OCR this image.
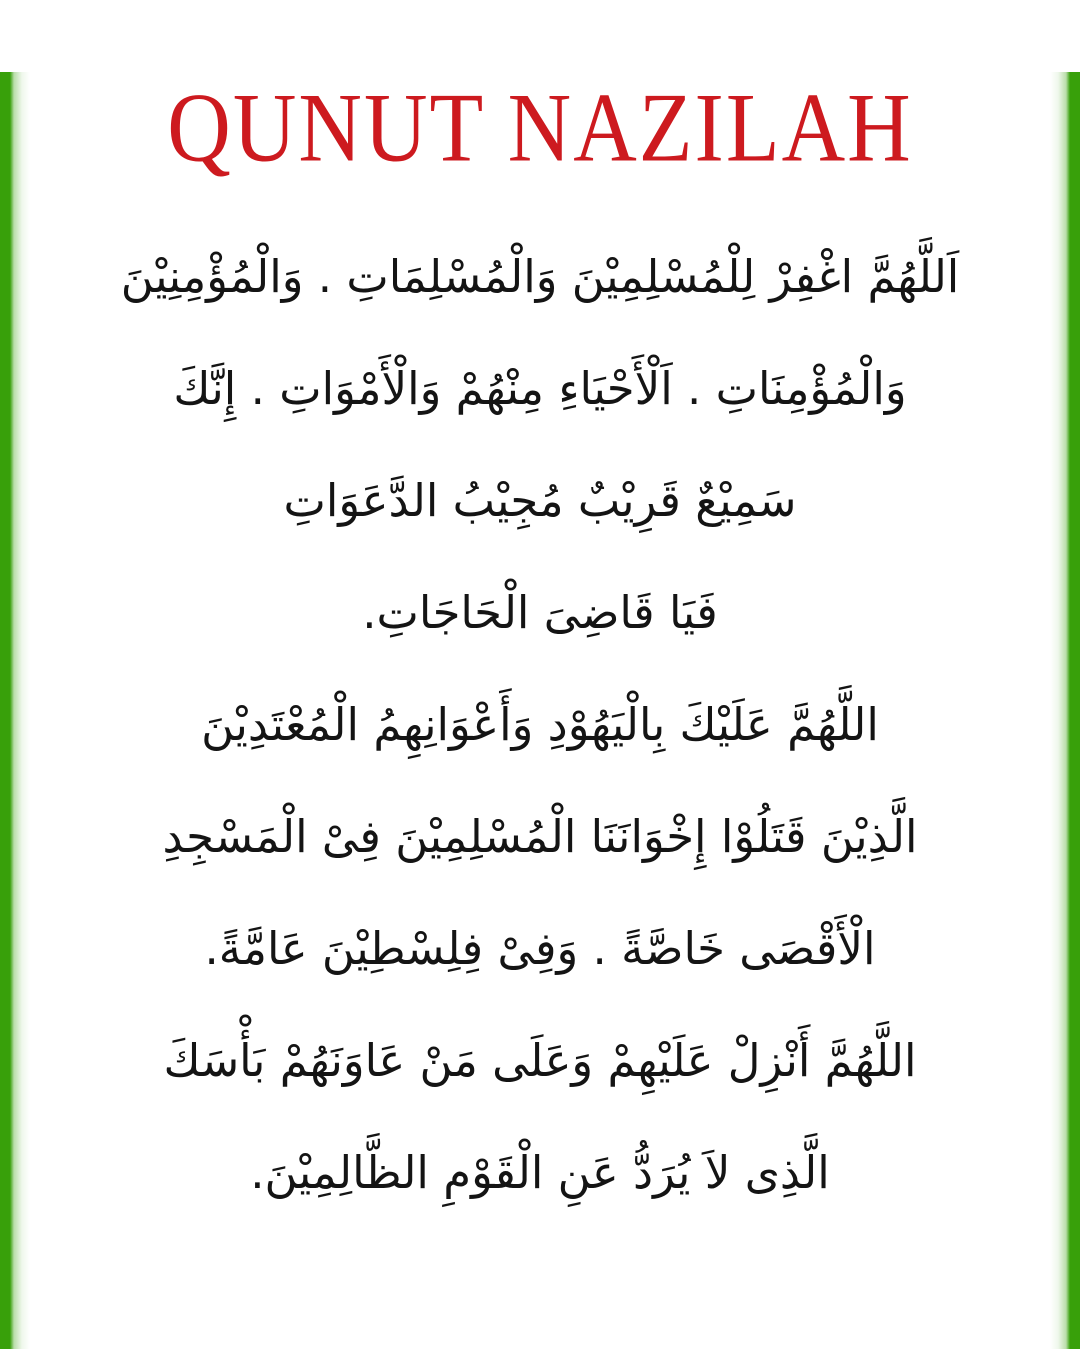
QUNUT NAZILAH
اَللَّهُمَّ اغْفِرْ لِلْمُسْلِمِيْنَ وَالْمُسْلِمَاتِ . وَالْمُؤْمِنِيْنَ
وَالْمُؤْمِنَاتِ . اَلْأَحْيَاءِ مِنْهُمْ وَالْأَمْوَاتِ . إِنَّكَ
سَمِيْعٌ قَرِيْبٌ مُجِيْبُ الدَّعَوَاتِ
فَيَا قَاضِىَ الْحَاجَاتِ.
اللَّهُمَّ عَلَيْكَ بِالْيَهُوْدِ وَأَعْوَانِهِمُ الْمُعْتَدِيْنَ
الَّذِيْنَ قَتَلُوْا إِخْوَانَنَا الْمُسْلِمِيْنَ فِىْ الْمَسْجِدِ
الْأَقْصَى خَاصَّةً . وَفِىْ فِلِسْطِيْنَ عَامَّةً.
اللَّهُمَّ أَنْزِلْ عَلَيْهِمْ وَعَلَى مَنْ عَاوَنَهُمْ بَأْسَكَ
الَّذِى لاَ يُرَدُّ عَنِ الْقَوْمِ الظَّالِمِيْنَ.
